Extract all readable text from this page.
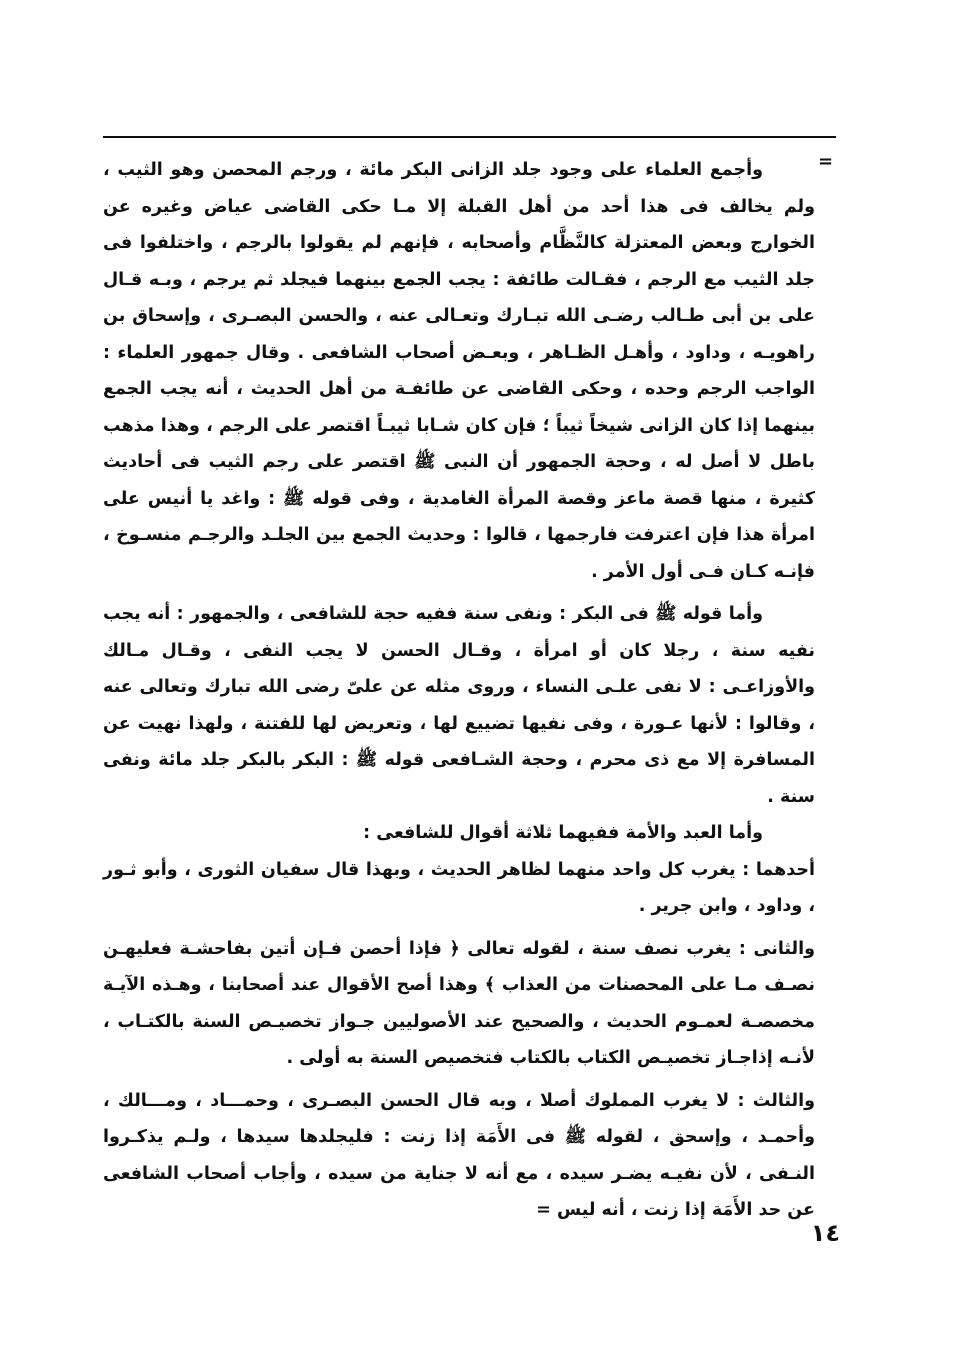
=

وأجمع العلماء على وجود جلد الزانى البكر مائة ، ورجم المحصن وهو الثيب ، ولم يخالف فى هذا أحد من أهل القبلة إلا مـا حكى القاضى عياض وغيره عن الخوارج وبعض المعتزلة كالنَّظَّام وأصحابه ، فإنهم لم يقولوا بالرجم ، واختلفوا فى جلد الثيب مع الرجم ، فقـالت طائفة : يجب الجمع بينهما فيجلد ثم يرجم ، وبـه قـال على بن أبى طـالب رضـى الله تبـارك وتعـالى عنه ، والحسن البصـرى ، وإسحاق بن راهويـه ، وداود ، وأهـل الظـاهر ، وبعـض أصحاب الشافعى . وقال جمهور العلماء : الواجب الرجم وحده ، وحكى القاضى عن طائفـة من أهل الحديث ، أنه يجب الجمع بينهما إذا كان الزانى شيخاً ثيباً ؛ فإن كان شـابا ثيبـاً اقتصر على الرجم ، وهذا مذهب باطل لا أصل له ، وحجة الجمهور أن النبى ﷺ اقتصر على رجم الثيب فى أحاديث كثيرة ، منها قصة ماعز وقصة المرأة الغامدية ، وفى قوله ﷺ : واغد يا أنيس على امرأة هذا فإن اعترفت فارجمها ، قالوا : وحديث الجمع بين الجلـد والرجـم منسـوخ ، فإنـه كـان فـى أول الأمر .

وأما قوله ﷺ فى البكر : ونفى سنة ففيه حجة للشافعى ، والجمهور : أنه يجب نفيه سنة ، رجلا كان أو امرأة ، وقـال الحسن لا يجب النفى ، وقـال مـالك والأوزاعـى : لا نفى علـى النساء ، وروى مثله عن علىّ رضى الله تبارك وتعالى عنه ، وقالوا : لأنها عـورة ، وفى نفيها تضييع لها ، وتعريض لها للفتنة ، ولهذا نهيت عن المسافرة إلا مع ذى محرم ، وحجة الشـافعى قوله ﷺ : البكر بالبكر جلد مائة ونفى سنة .

وأما العبد والأمة ففيهما ثلاثة أقوال للشافعى :

أحدهما : يغرب كل واحد منهما لظاهر الحديث ، وبهذا قال سفيان الثورى ، وأبو ثـور ، وداود ، وابن جرير .

والثانى : يغرب نصف سنة ، لقوله تعالى ﴿ فإذا أحصن فـإن أتين بفاحشـة فعليهـن نصـف مـا على المحصنات من العذاب ﴾ وهذا أصح الأقوال عند أصحابنا ، وهـذه الآيـة مخصصـة لعمـوم الحديث ، والصحيح عند الأصوليين جـواز تخصيـص السنة بالكتـاب ، لأنـه إذاجـاز تخصيـص الكتاب بالكتاب فتخصيص السنة به أولى .

والثالث : لا يغرب المملوك أصلا ، وبه قال الحسن البصـرى ، وحمـــاد ، ومـــالك ، وأحمـد ، وإسحق ، لقوله ﷺ فى الأَمَة إذا زنت : فليجلدها سيدها ، ولـم يذكـروا النـفى ، لأن نفيـه يضـر سيده ، مع أنه لا جناية من سيده ، وأجاب أصحاب الشافعى عن حد الأَمَة إذا زنت ، أنه ليس =

١٤
